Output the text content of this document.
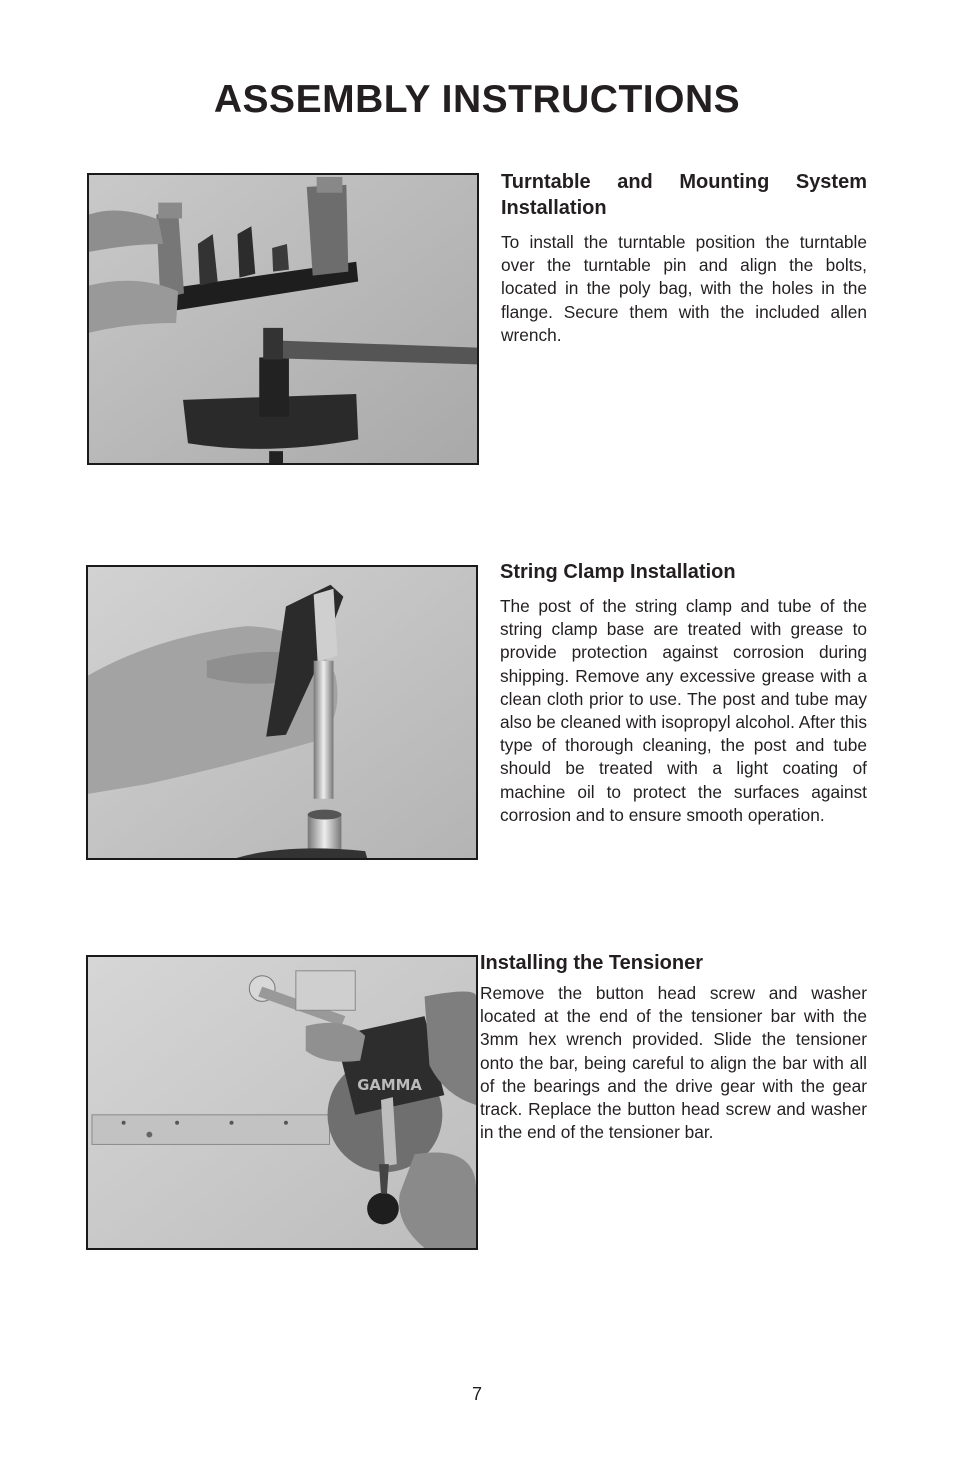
ASSEMBLY INSTRUCTIONS
Turntable and Mounting System Installation

To install the turntable position the turntable over the turntable pin and align the bolts, located in the poly bag, with the holes in the flange. Secure them with the included allen wrench.

String Clamp Installation

The post of the string clamp and tube of the string clamp base are treated with grease to provide protection against corrosion during shipping. Remove any excessive grease with a clean cloth prior to use. The post and tube may also be cleaned with isopropyl alcohol. After this type of thorough cleaning, the post and tube should be treated with a light coating of machine oil to protect the surfaces against corrosion and to ensure smooth operation.

GAMMA
Installing the Tensioner

Remove the button head screw and washer located at the end of the tensioner bar with the 3mm hex wrench provided. Slide the tensioner onto the bar, being careful to align the bar with all of the bearings and the drive gear with the gear track. Replace the button head screw and washer in the end of the tensioner bar.

7
